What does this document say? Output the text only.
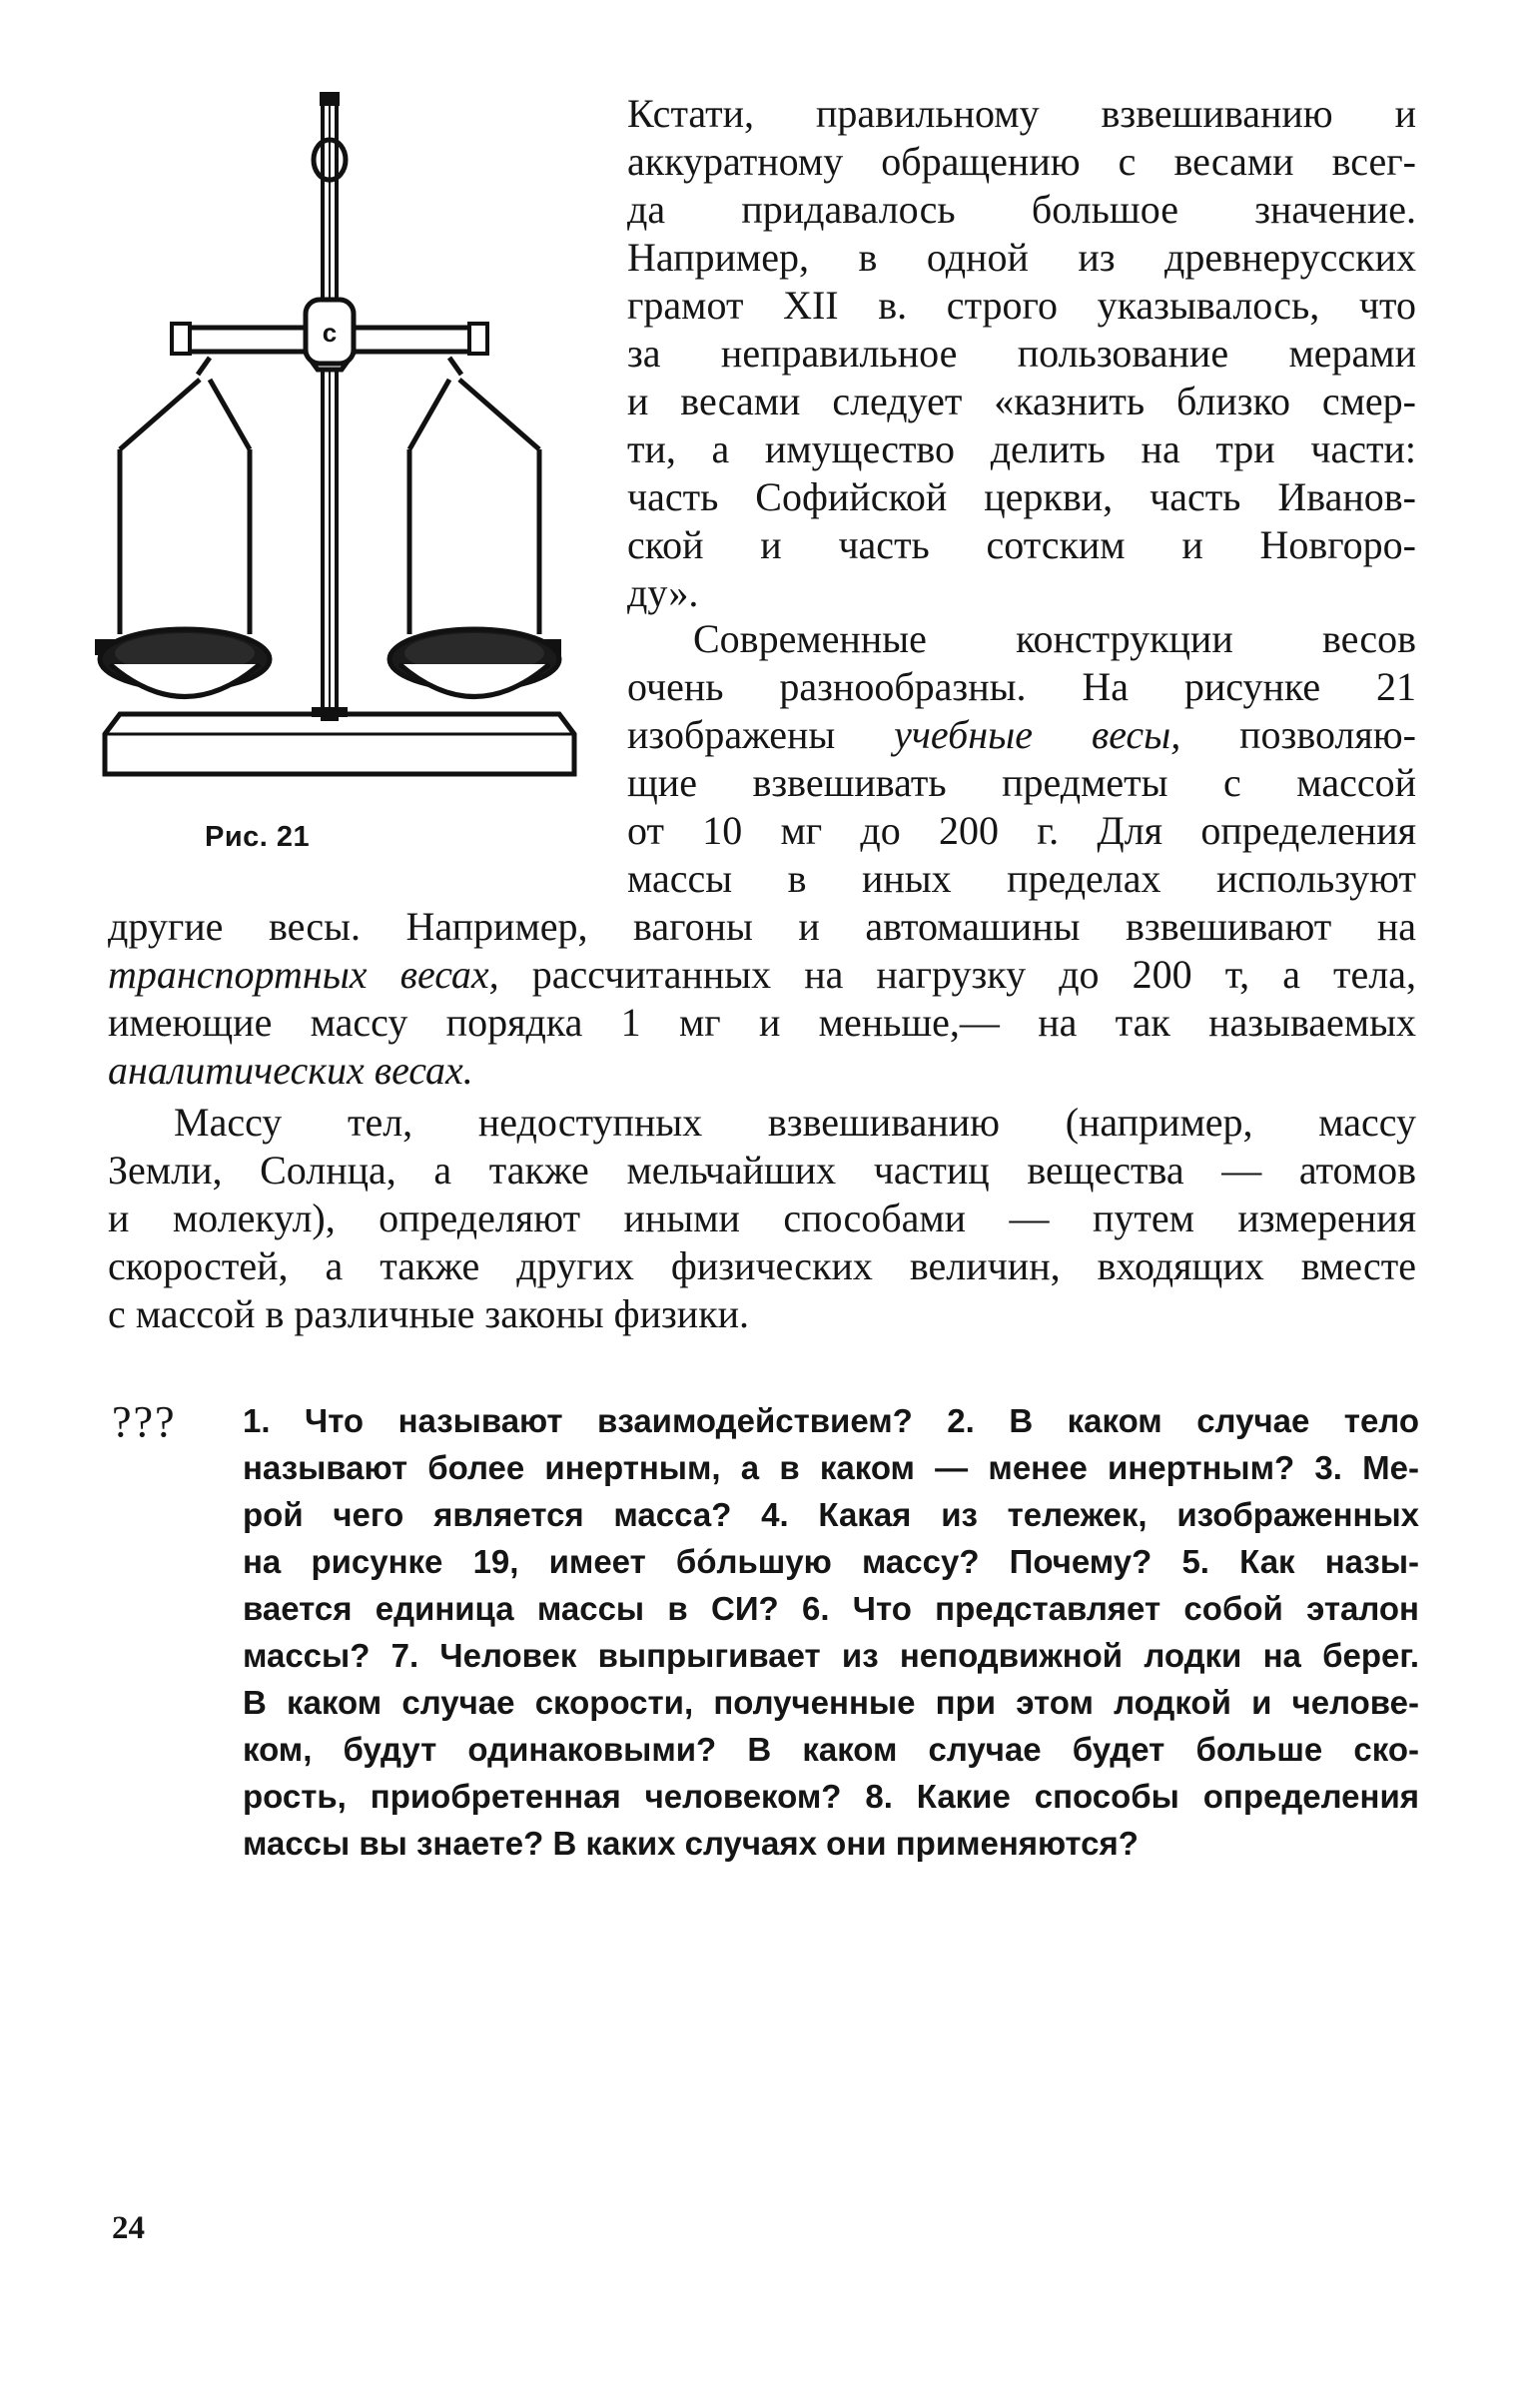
c
Рис. 21
Кстати, правильному взвешиванию и
аккуратному обращению с весами всег-
да придавалось большое значение.
Например, в одной из древнерусских
грамот XII в. строго указывалось, что
за неправильное пользование мерами
и весами следует «казнить близко смер-
ти, а имущество делить на три части:
часть Софийской церкви, часть Иванов-
ской и часть сотским и Новгоро-
ду».
Современные конструкции весов
очень разнообразны. На рисунке 21
изображены учебные весы, позволяю-
щие взвешивать предметы с массой
от 10 мг до 200 г. Для определения
массы в иных пределах используют
другие весы. Например, вагоны и автомашины взвешивают на
транспортных весах, рассчитанных на нагрузку до 200 т, а тела,
имеющие массу порядка 1 мг и меньше,— на так называемых
аналитических весах.
Массу тел, недоступных взвешиванию (например, массу
Земли, Солнца, а также мельчайших частиц вещества — атомов
и молекул), определяют иными способами — путем измерения
скоростей, а также других физических величин, входящих вместе
с массой в различные законы физики.
??? 1. Что называют взаимодействием? 2. В каком случае тело
называют более инертным, а в каком — менее инертным? 3. Ме-
рой чего является масса? 4. Какая из тележек, изображенных
на рисунке 19, имеет бóльшую массу? Почему? 5. Как назы-
вается единица массы в СИ? 6. Что представляет собой эталон
массы? 7. Человек выпрыгивает из неподвижной лодки на берег.
В каком случае скорости, полученные при этом лодкой и челове-
ком, будут одинаковыми? В каком случае будет больше ско-
рость, приобретенная человеком? 8. Какие способы определения
массы вы знаете? В каких случаях они применяются?
24
